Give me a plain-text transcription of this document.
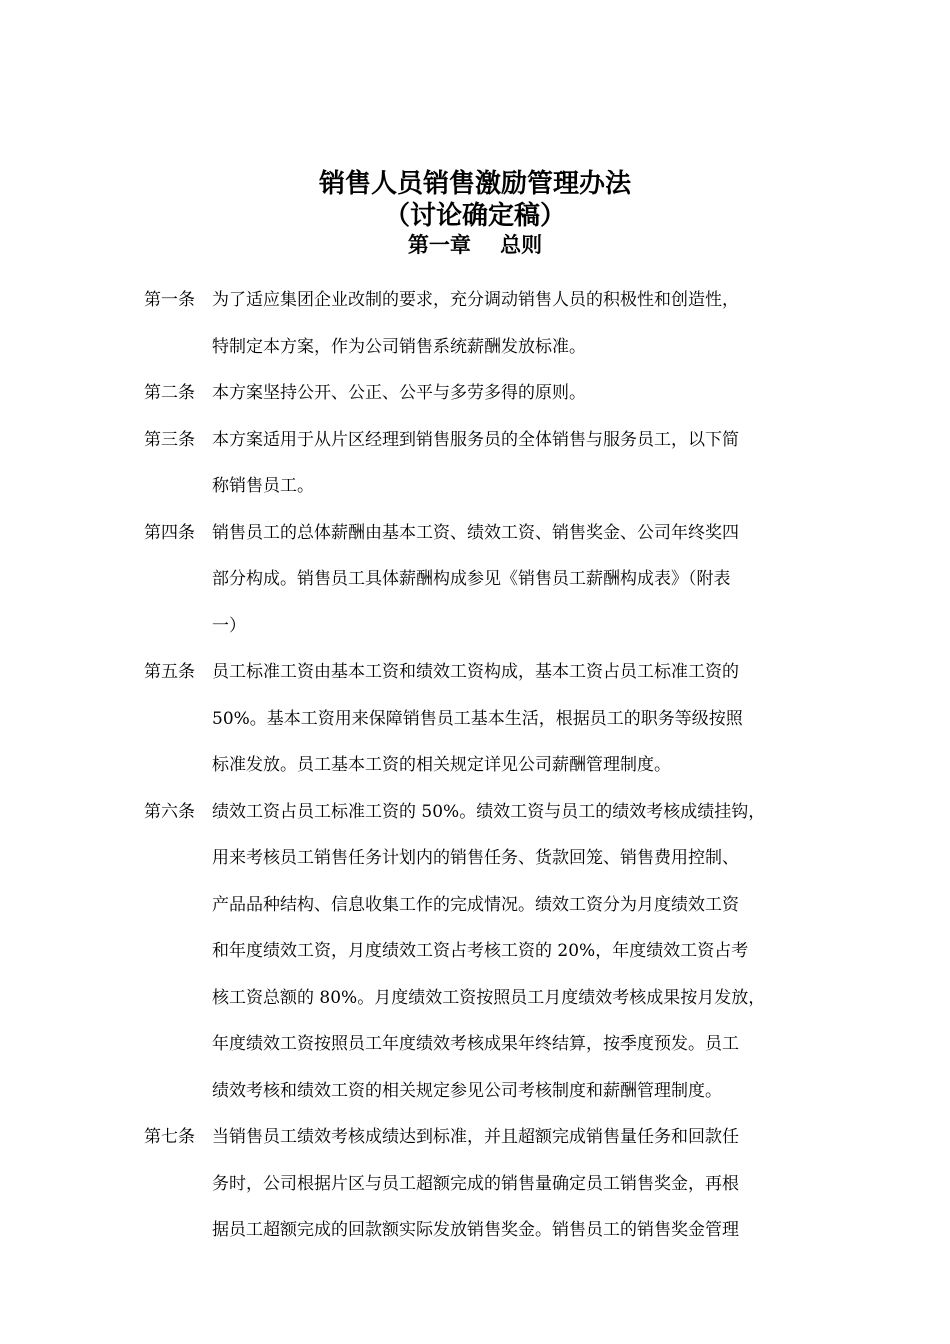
销售人员销售激励管理办法

（讨论确定稿）

第一章    总则

第一条	为了适应集团企业改制的要求，充分调动销售人员的积极性和创造性，
特制定本方案，作为公司销售系统薪酬发放标准。
第二条	本方案坚持公开、公正、公平与多劳多得的原则。
第三条	本方案适用于从片区经理到销售服务员的全体销售与服务员工，以下简
称销售员工。
第四条	销售员工的总体薪酬由基本工资、绩效工资、销售奖金、公司年终奖四
部分构成。销售员工具体薪酬构成参见《销售员工薪酬构成表》（附表
一）
第五条	员工标准工资由基本工资和绩效工资构成，基本工资占员工标准工资的
50%。基本工资用来保障销售员工基本生活，根据员工的职务等级按照
标准发放。员工基本工资的相关规定详见公司薪酬管理制度。
第六条	绩效工资占员工标准工资的 50%。绩效工资与员工的绩效考核成绩挂钩，
用来考核员工销售任务计划内的销售任务、货款回笼、销售费用控制、
产品品种结构、信息收集工作的完成情况。绩效工资分为月度绩效工资
和年度绩效工资，月度绩效工资占考核工资的 20%，年度绩效工资占考
核工资总额的 80%。月度绩效工资按照员工月度绩效考核成果按月发放，
年度绩效工资按照员工年度绩效考核成果年终结算，按季度预发。员工
绩效考核和绩效工资的相关规定参见公司考核制度和薪酬管理制度。
第七条	当销售员工绩效考核成绩达到标准，并且超额完成销售量任务和回款任
务时，公司根据片区与员工超额完成的销售量确定员工销售奖金，再根
据员工超额完成的回款额实际发放销售奖金。销售员工的销售奖金管理
